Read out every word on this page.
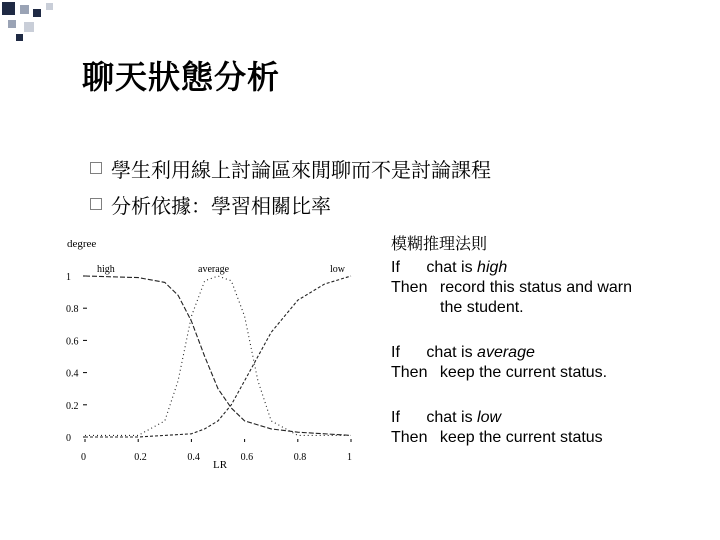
聊天狀態分析
學生利用線上討論區來閒聊而不是討論課程
分析依據：學習相關比率
degree
LR
0
0.2
0.4
0.6
0.8
1
0	0.2	0.4	0.6	0.8	1
high	average	low
模糊推理法則
If chat is high
Then record this status and warn
the student.
If chat is average
Then keep the current status.
If chat is low
Then keep the current status
